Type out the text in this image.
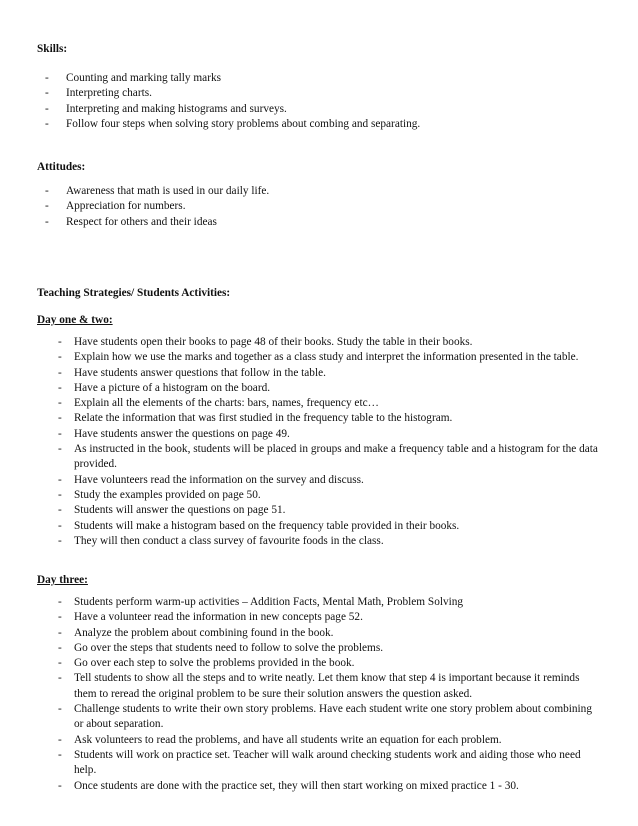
Skills:

- Counting and marking tally marks
- Interpreting charts.
- Interpreting and making histograms and surveys.
- Follow four steps when solving story problems about combing and separating.

Attitudes:

- Awareness that math is used in our daily life.
- Appreciation for numbers.
- Respect for others and their ideas

Teaching Strategies/ Students Activities:

Day one & two:

- Have students open their books to page 48 of their books. Study the table in their books.
- Explain how we use the marks and together as a class study and interpret the information presented in the table.
- Have students answer questions that follow in the table.
- Have a picture of a histogram on the board.
- Explain all the elements of the charts: bars, names, frequency etc…
- Relate the information that was first studied in the frequency table to the histogram.
- Have students answer the questions on page 49.
- As instructed in the book, students will be placed in groups and make a frequency table and a histogram for the data provided.
- Have volunteers read the information on the survey and discuss.
- Study the examples provided on page 50.
- Students will answer the questions on page 51.
- Students will make a histogram based on the frequency table provided in their books.
- They will then conduct a class survey of favourite foods in the class.

Day three:

- Students perform warm-up activities – Addition Facts, Mental Math, Problem Solving
- Have a volunteer read the information in new concepts page 52.
- Analyze the problem about combining found in the book.
- Go over the steps that students need to follow to solve the problems.
- Go over each step to solve the problems provided in the book.
- Tell students to show all the steps and to write neatly. Let them know that step 4 is important because it reminds them to reread the original problem to be sure their solution answers the question asked.
- Challenge students to write their own story problems. Have each student write one story problem about combining or about separation.
- Ask volunteers to read the problems, and have all students write an equation for each problem.
- Students will work on practice set. Teacher will walk around checking students work and aiding those who need help.
- Once students are done with the practice set, they will then start working on mixed practice 1 - 30.
